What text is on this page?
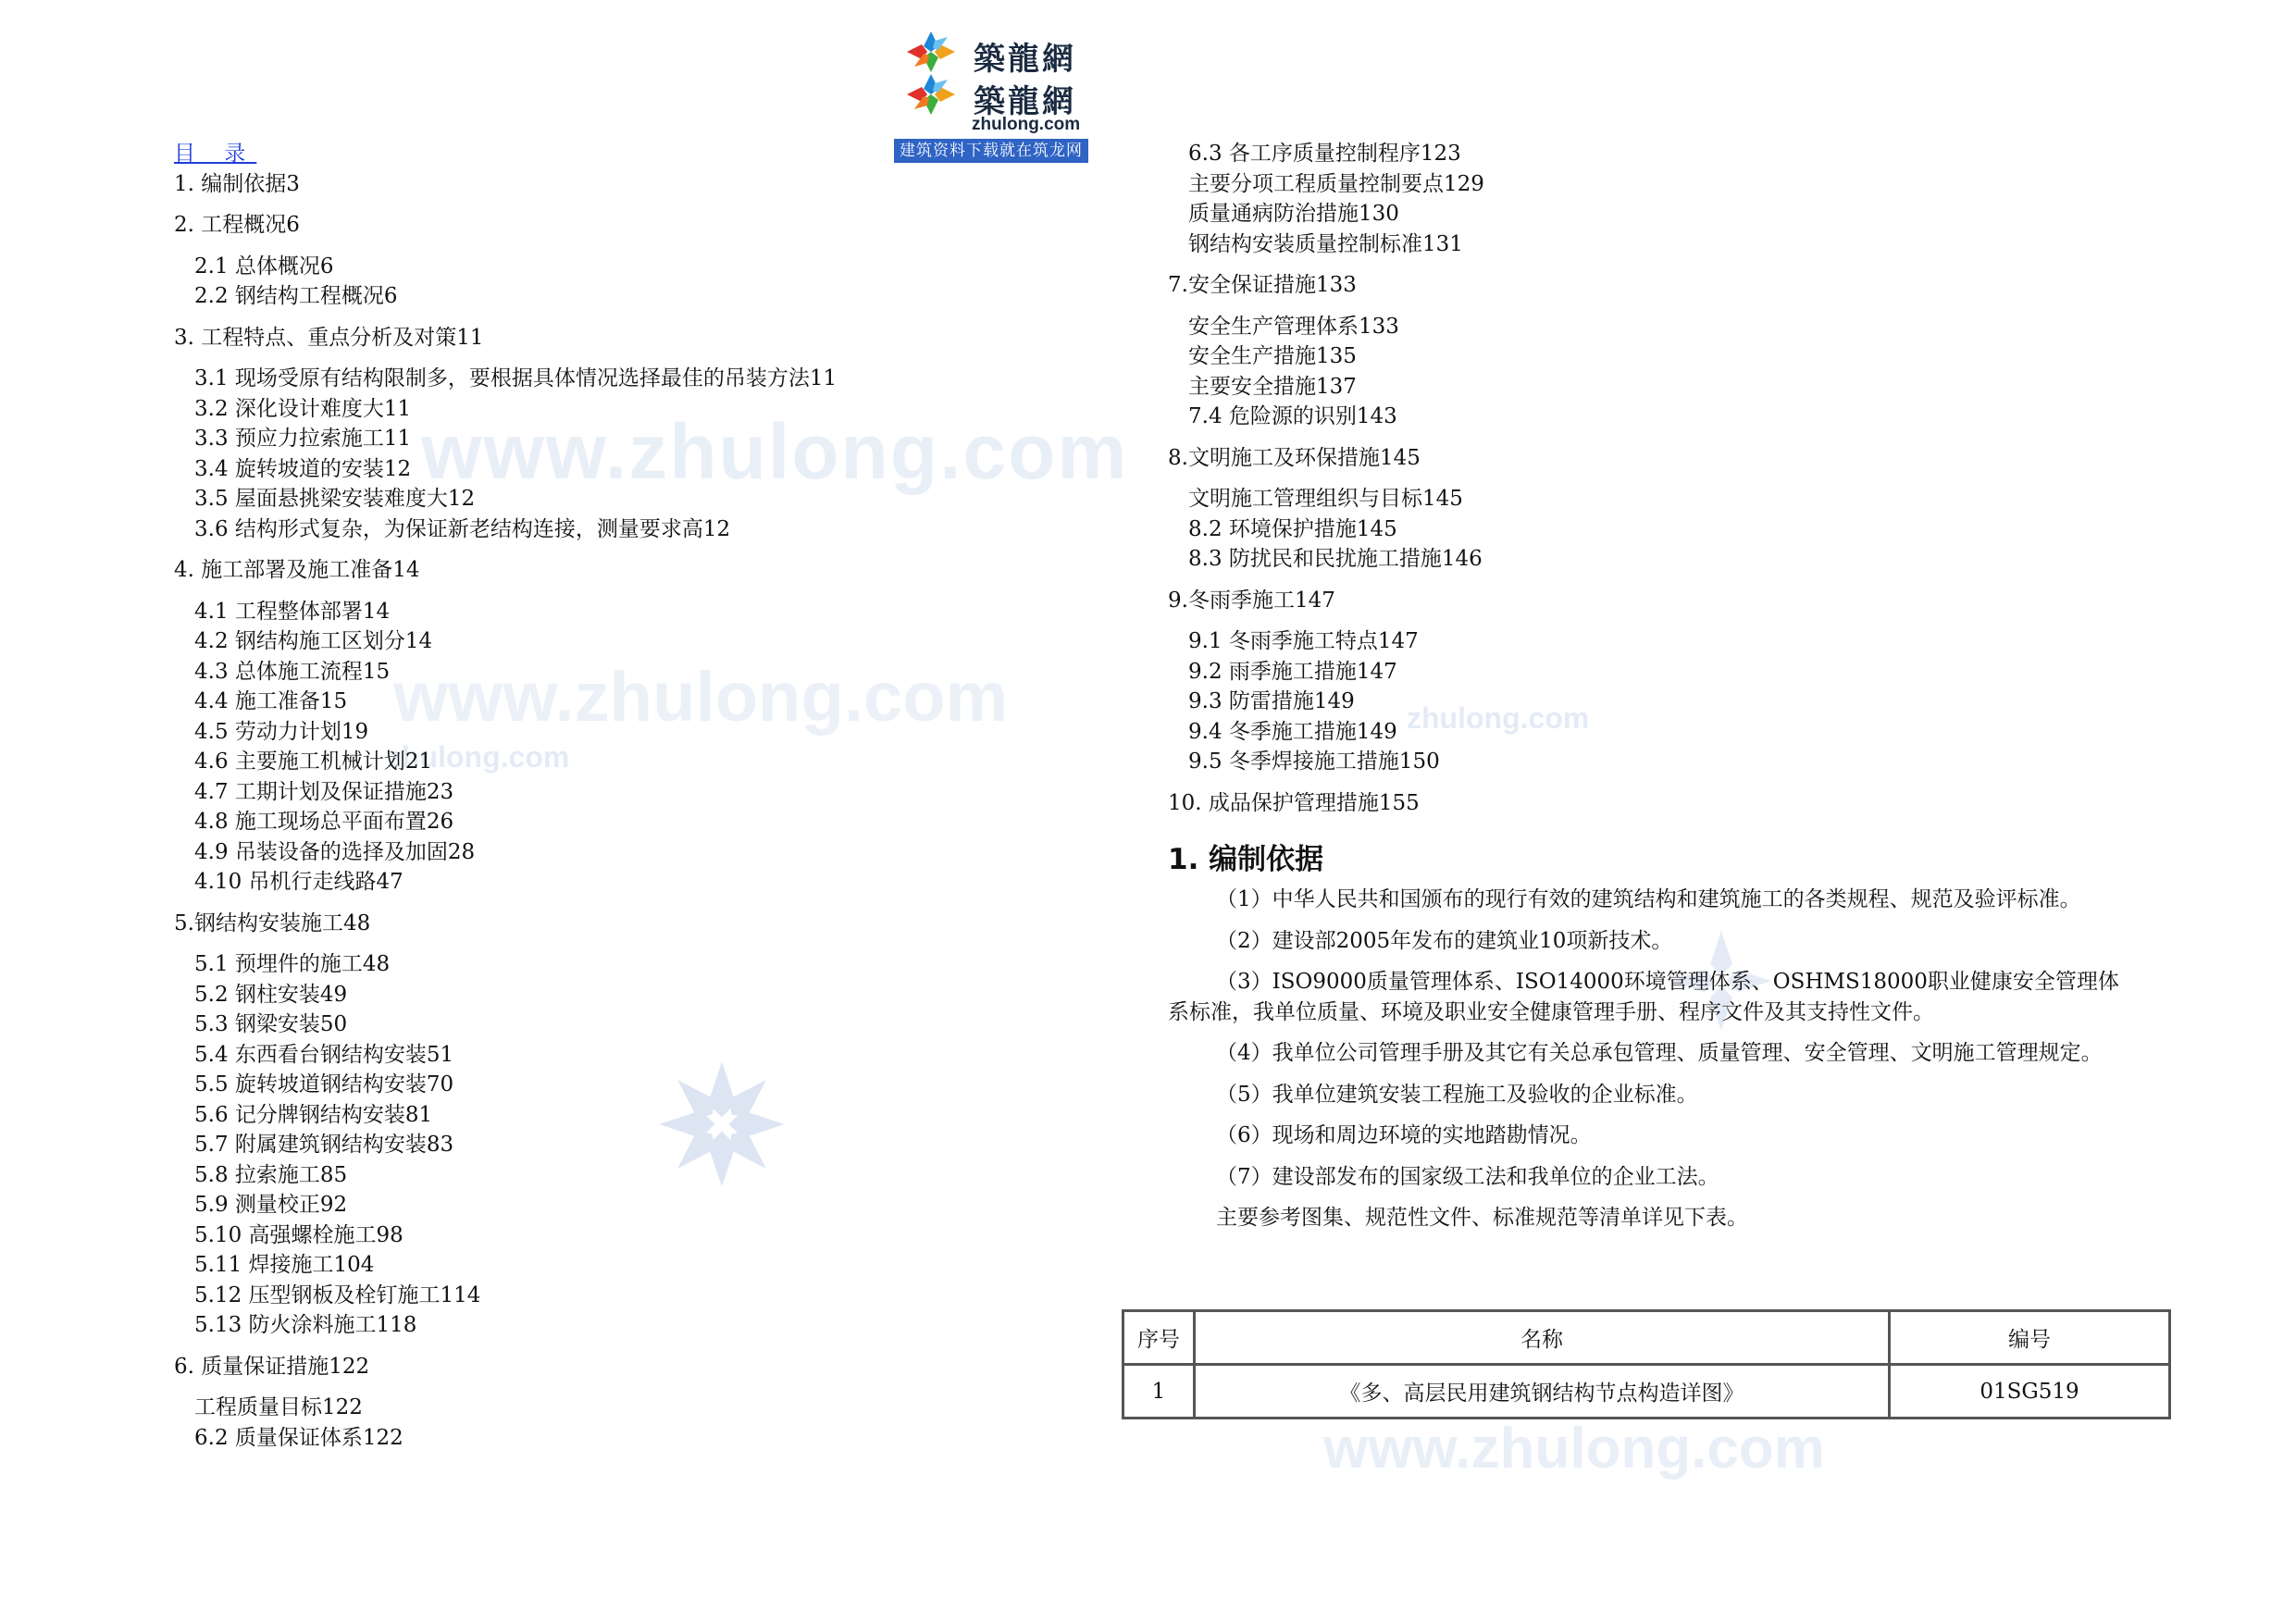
www.zhulong.com
www.zhulong.com
zhulong.com
zhulong.com
www.zhulong.com
築龍網
築龍網
zhulong.com
建筑资料下载就在筑龙网
目 录
1. 编制依据3
2. 工程概况6
2.1 总体概况6
2.2 钢结构工程概况6
3. 工程特点、重点分析及对策11
3.1 现场受原有结构限制多，要根据具体情况选择最佳的吊装方法11
3.2 深化设计难度大11
3.3 预应力拉索施工11
3.4 旋转坡道的安装12
3.5 屋面悬挑梁安装难度大12
3.6 结构形式复杂，为保证新老结构连接，测量要求高12
4. 施工部署及施工准备14
4.1 工程整体部署14
4.2 钢结构施工区划分14
4.3 总体施工流程15
4.4 施工准备15
4.5 劳动力计划19
4.6 主要施工机械计划21
4.7 工期计划及保证措施23
4.8 施工现场总平面布置26
4.9 吊装设备的选择及加固28
4.10 吊机行走线路47
5.钢结构安装施工48
5.1 预埋件的施工48
5.2 钢柱安装49
5.3 钢梁安装50
5.4 东西看台钢结构安装51
5.5 旋转坡道钢结构安装70
5.6 记分牌钢结构安装81
5.7 附属建筑钢结构安装83
5.8 拉索施工85
5.9 测量校正92
5.10 高强螺栓施工98
5.11 焊接施工104
5.12 压型钢板及栓钉施工114
5.13 防火涂料施工118
6. 质量保证措施122
工程质量目标122
6.2 质量保证体系122
6.3 各工序质量控制程序123
主要分项工程质量控制要点129
质量通病防治措施130
钢结构安装质量控制标准131
7.安全保证措施133
安全生产管理体系133
安全生产措施135
主要安全措施137
7.4 危险源的识别143
8.文明施工及环保措施145
文明施工管理组织与目标145
8.2 环境保护措施145
8.3 防扰民和民扰施工措施146
9.冬雨季施工147
9.1 冬雨季施工特点147
9.2 雨季施工措施147
9.3 防雷措施149
9.4 冬季施工措施149
9.5 冬季焊接施工措施150
10. 成品保护管理措施155
1. 编制依据
（1）中华人民共和国颁布的现行有效的建筑结构和建筑施工的各类规程、规范及验评标准。
（2）建设部2005年发布的建筑业10项新技术。
（3）ISO9000质量管理体系、ISO14000环境管理体系、OSHMS18000职业健康安全管理体系标准，我单位质量、环境及职业安全健康管理手册、程序文件及其支持性文件。
（4）我单位公司管理手册及其它有关总承包管理、质量管理、安全管理、文明施工管理规定。
（5）我单位建筑安装工程施工及验收的企业标准。
（6）现场和周边环境的实地踏勘情况。
（7）建设部发布的国家级工法和我单位的企业工法。
主要参考图集、规范性文件、标准规范等清单详见下表。
序号	名称	编号
1	《多、高层民用建筑钢结构节点构造详图》	01SG519
